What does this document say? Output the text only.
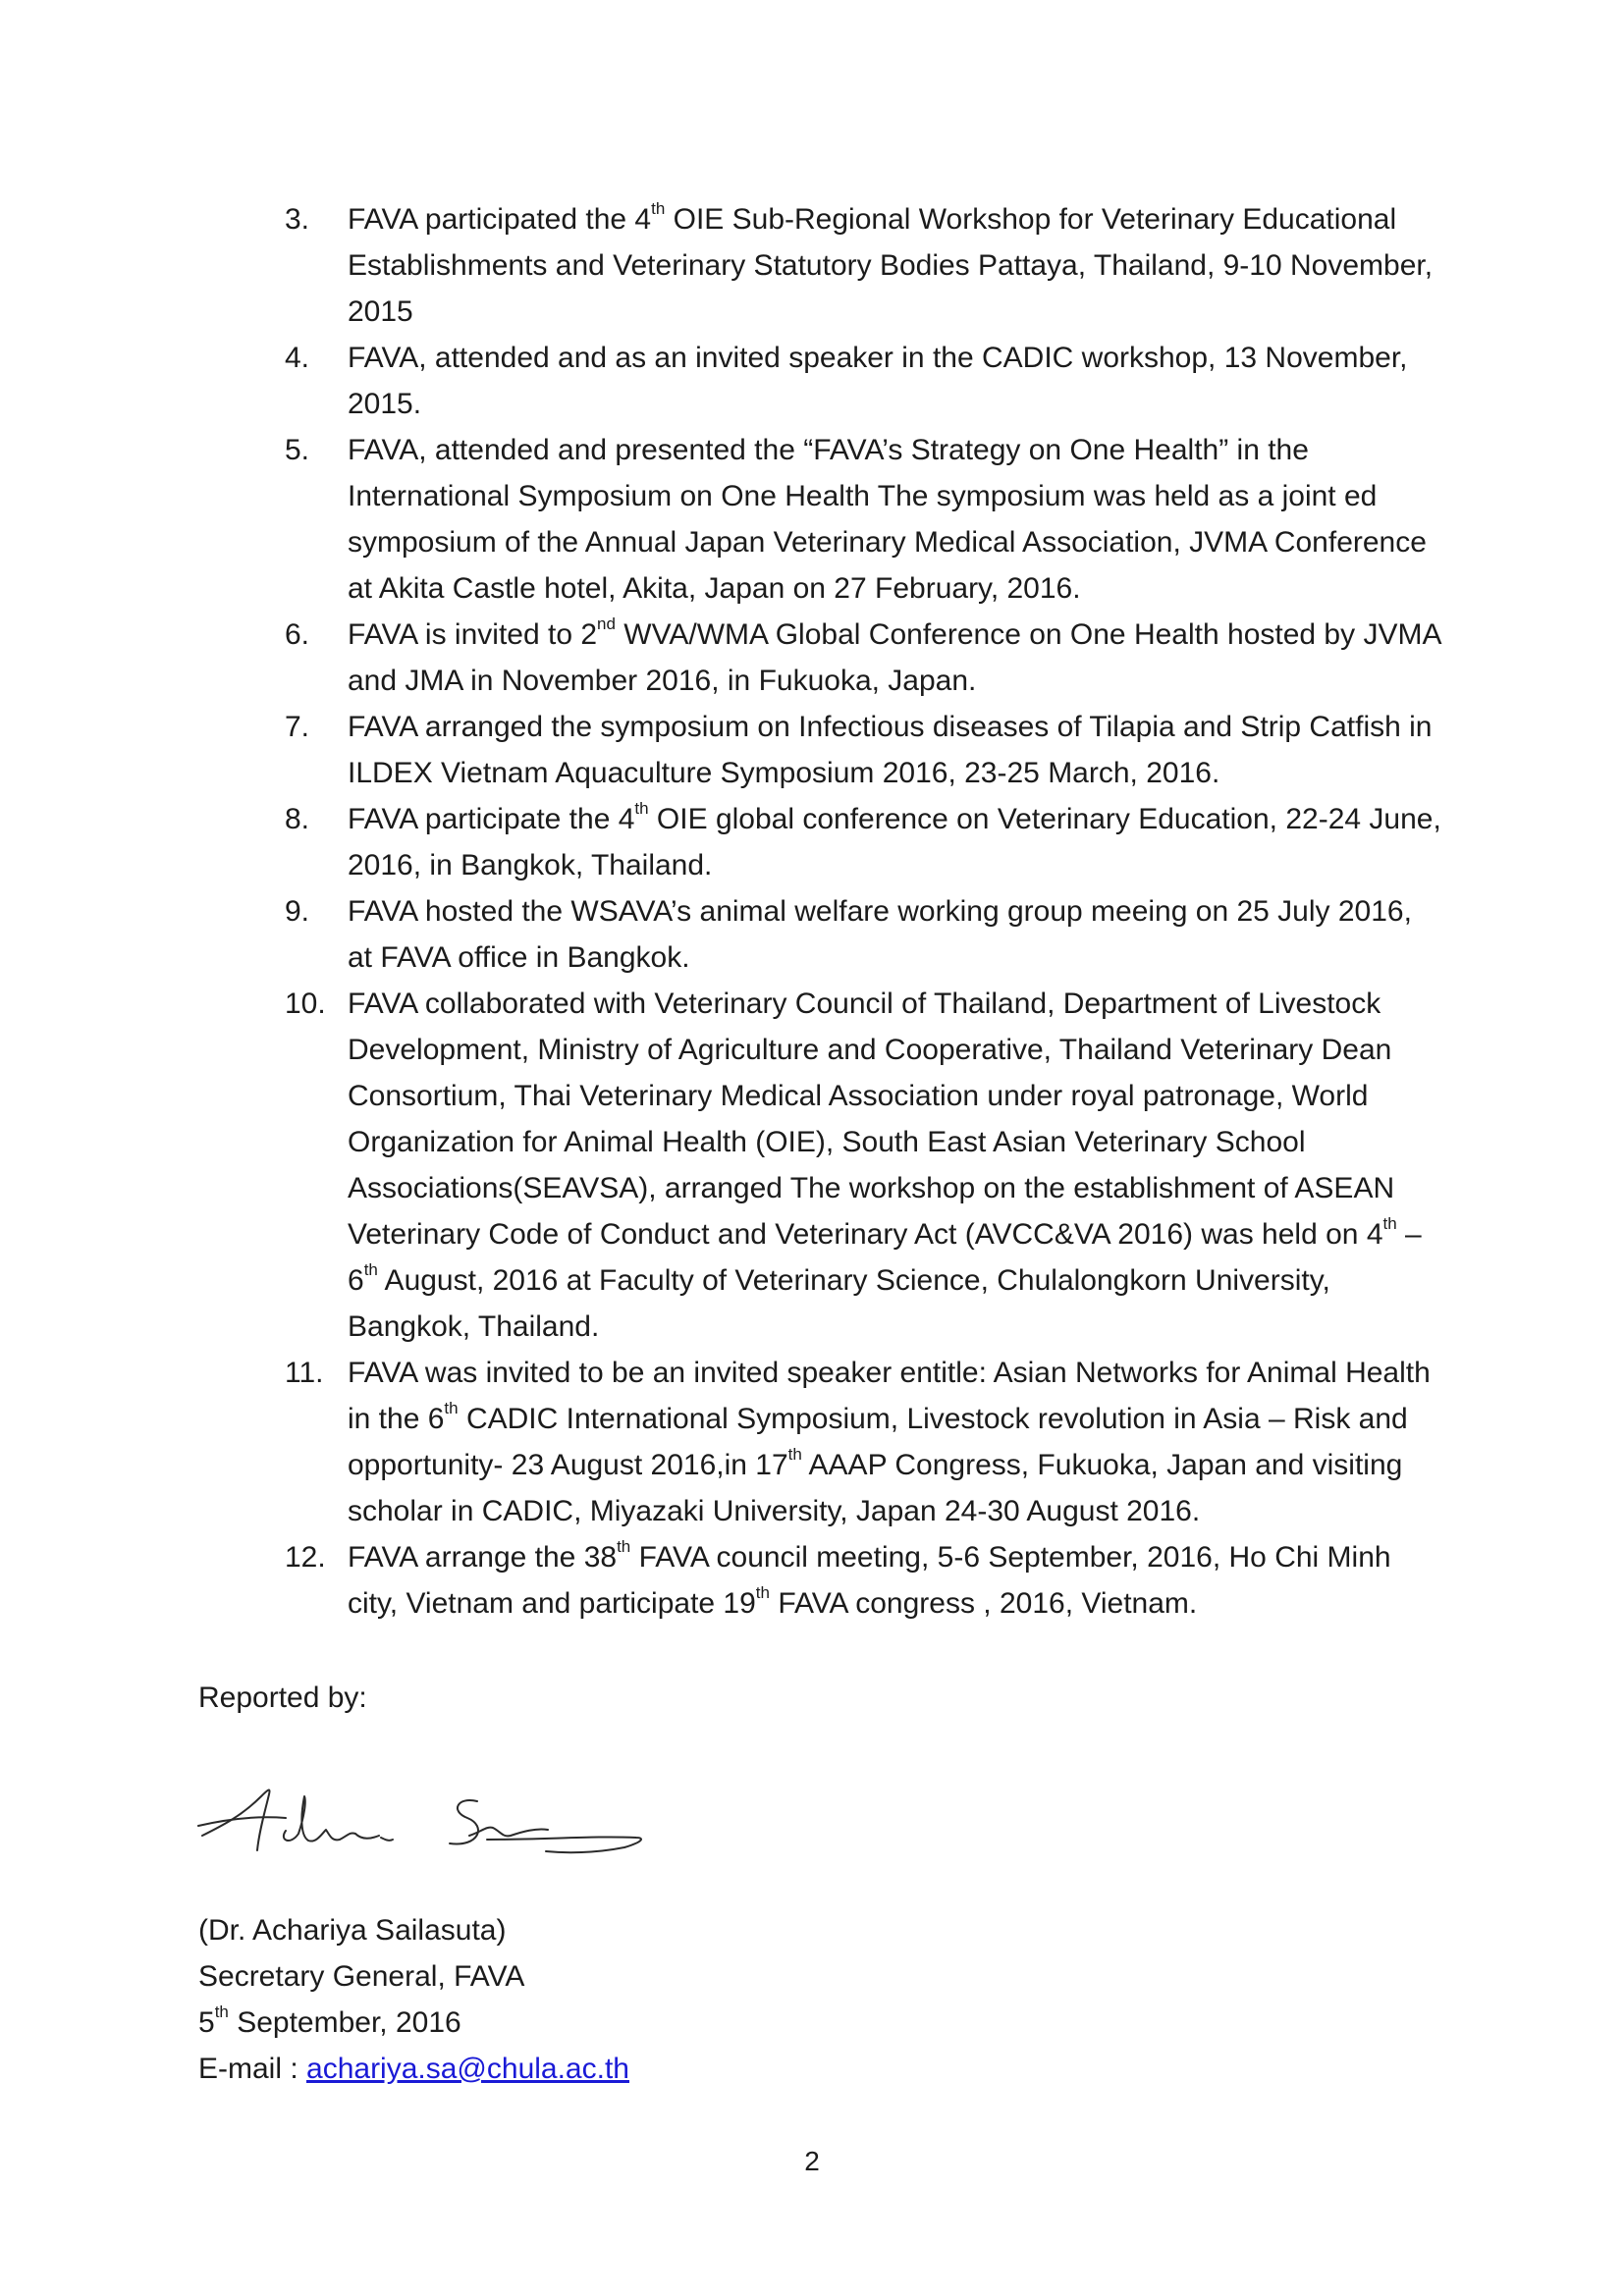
3.	FAVA participated the 4th OIE Sub-Regional Workshop for Veterinary Educational Establishments and Veterinary Statutory Bodies Pattaya, Thailand, 9-10 November, 2015
4.	FAVA, attended and as an invited speaker in the CADIC workshop, 13 November, 2015.
5.	FAVA, attended and presented the “FAVA’s Strategy on One Health” in the International Symposium on One Health The symposium was held as a joint ed symposium of the Annual Japan Veterinary Medical Association, JVMA Conference at Akita Castle hotel, Akita, Japan on 27 February, 2016.
6.	FAVA is invited to 2nd WVA/WMA Global Conference on One Health hosted by JVMA and JMA in November 2016, in Fukuoka, Japan.
7.	FAVA arranged the symposium on Infectious diseases of Tilapia and Strip Catfish in ILDEX Vietnam Aquaculture Symposium 2016, 23-25 March, 2016.
8.	FAVA participate the 4th OIE global conference on Veterinary Education, 22-24 June, 2016, in Bangkok, Thailand.
9.	FAVA hosted the WSAVA’s animal welfare working group meeing on 25 July 2016, at FAVA office in Bangkok.
10. FAVA collaborated with Veterinary Council of Thailand, Department of Livestock Development, Ministry of Agriculture and Cooperative, Thailand Veterinary Dean Consortium, Thai Veterinary Medical Association under royal patronage, World Organization for Animal Health (OIE), South East Asian Veterinary School Associations(SEAVSA), arranged The workshop on the establishment of ASEAN Veterinary Code of Conduct and Veterinary Act (AVCC&VA 2016) was held on 4th – 6th August, 2016 at Faculty of Veterinary Science, Chulalongkorn University, Bangkok, Thailand.
11. FAVA was invited to be an invited speaker entitle: Asian Networks for Animal Health in the 6th CADIC International Symposium, Livestock revolution in Asia – Risk and opportunity- 23 August 2016,in 17th AAAP Congress, Fukuoka, Japan and visiting scholar in CADIC, Miyazaki University, Japan 24-30 August 2016.
12. FAVA arrange the 38th FAVA council meeting, 5-6 September, 2016, Ho Chi Minh city, Vietnam and participate 19th FAVA congress , 2016, Vietnam.
Reported by:
(Dr. Achariya Sailasuta)
Secretary General, FAVA
5th September, 2016
E-mail : achariya.sa@chula.ac.th
2
